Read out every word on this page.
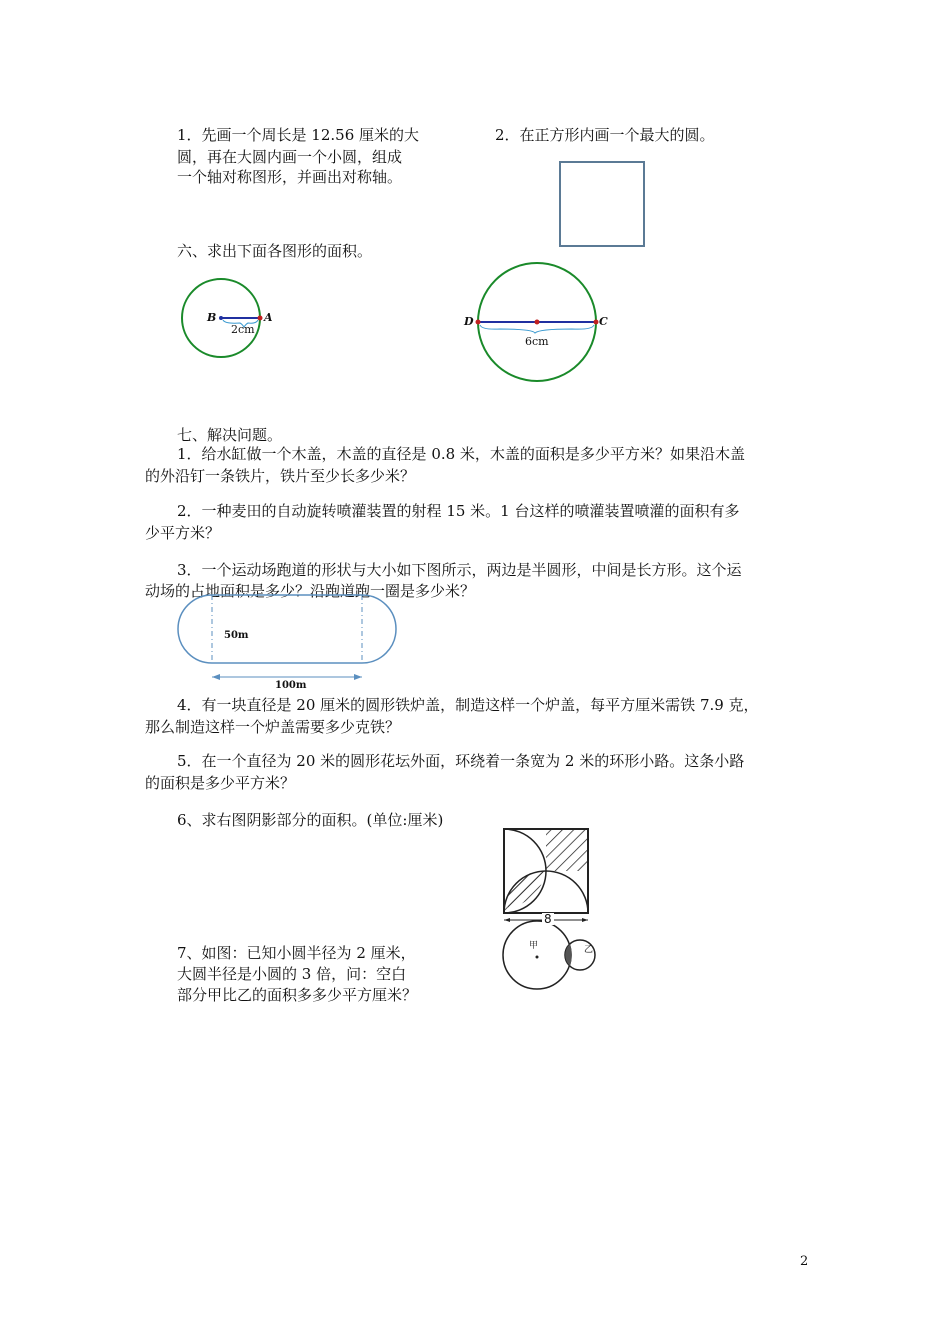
1．先画一个周长是 12.56 厘米的大

圆，再在大圆内画一个小圆，组成

一个轴对称图形，并画出对称轴。

2．在正方形内画一个最大的圆。

六、求出下面各图形的面积。

七、解决问题。

1．给水缸做一个木盖，木盖的直径是 0.8 米，木盖的面积是多少平方米？如果沿木盖

的外沿钉一条铁片，铁片至少长多少米？

2．一种麦田的自动旋转喷灌装置的射程 15 米。1 台这样的喷灌装置喷灌的面积有多

少平方米？

3．一个运动场跑道的形状与大小如下图所示，两边是半圆形，中间是长方形。这个运

动场的占地面积是多少？沿跑道跑一圈是多少米？

4．有一块直径是 20 厘米的圆形铁炉盖，制造这样一个炉盖，每平方厘米需铁 7.9 克，

那么制造这样一个炉盖需要多少克铁？

5．在一个直径为 20 米的圆形花坛外面，环绕着一条宽为 2 米的环形小路。这条小路

的面积是多少平方米？

6、求右图阴影部分的面积。(单位:厘米)

7、如图：已知小圆半径为 2 厘米，

大圆半径是小圆的 3 倍，问：空白

部分甲比乙的面积多多少平方厘米？

B	A
2cm
D	C
6cm
50m
100m
8
甲	乙
2
